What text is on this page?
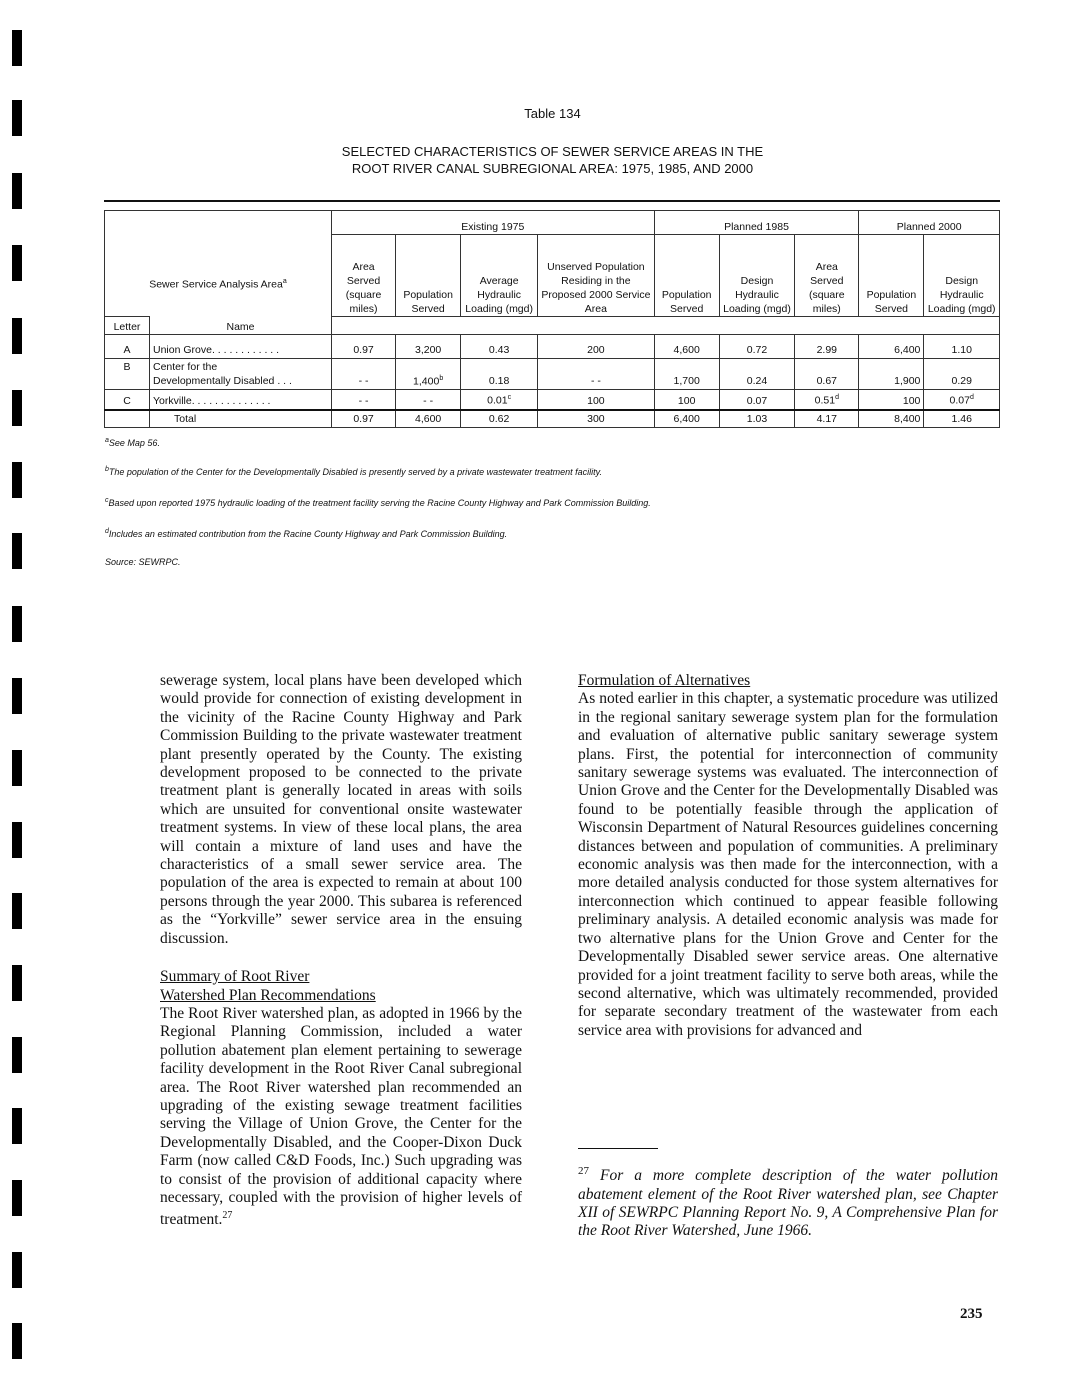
Table 134
SELECTED CHARACTERISTICS OF SEWER SERVICE AREAS IN THE
ROOT RIVER CANAL SUBREGIONAL AREA: 1975, 1985, AND 2000
Sewer Service Analysis Area$^a$		Existing 1975				Planned 1985			Planned 2000	
		Area Served (square miles)	Population Served	Average Hydraulic Loading (mgd)	Unserved Population Residing in the Proposed 2000 Service Area	Population Served	Design Hydraulic Loading (mgd)	Area Served (square miles)	Population Served	Design Hydraulic Loading (mgd)
Letter	Name									
A	Union Grove. . . . . . . . . . . .	0.97	3,200	0.43	200	4,600	0.72	2.99	6,400	1.10
B	Center for the
Developmentally Disabled . . .	- -	1,400$^b$	0.18	- -	1,700	0.24	0.67	1,900	0.29
C	Yorkville. . . . . . . . . . . . . .	- -	- -	0.01$^c$	100	100	0.07	0.51$^d$	100	0.07$^d$
	Total	0.97	4,600	0.62	300	6,400	1.03	4.17	8,400	1.46
$^a$See Map 56.
$^b$The population of the Center for the Developmentally Disabled is presently served by a private wastewater treatment facility.
$^c$Based upon reported 1975 hydraulic loading of the treatment facility serving the Racine County Highway and Park Commission Building.
$^d$Includes an estimated contribution from the Racine County Highway and Park Commission Building.
Source: SEWRPC.

sewerage system, local plans have been developed which would provide for connection of existing development in the vicinity of the Racine County Highway and Park Commission Building to the private wastewater treatment plant presently operated by the County. The existing development proposed to be connected to the private treatment plant is generally located in areas with soils which are unsuited for conventional onsite wastewater treatment systems. In view of these local plans, the area will contain a mixture of land uses and have the characteristics of a small sewer service area. The population of the area is expected to remain at about 100 persons through the year 2000. This subarea is referenced as the “Yorkville” sewer service area in the ensuing discussion.

Summary of Root River
Watershed Plan Recommendations

The Root River watershed plan, as adopted in 1966 by the Regional Planning Commission, included a water pollution abatement plan element pertaining to sewerage facility development in the Root River Canal subregional area. The Root River watershed plan recommended an upgrading of the existing sewage treatment facilities serving the Village of Union Grove, the Center for the Developmentally Disabled, and the Cooper-Dixon Duck Farm (now called C&D Foods, Inc.) Such upgrading was to consist of the provision of additional capacity where necessary, coupled with the provision of higher levels of treatment.$^{27}$

Formulation of Alternatives

As noted earlier in this chapter, a systematic procedure was utilized in the regional sanitary sewerage system plan for the formulation and evaluation of alternative public sanitary sewerage system plans. First, the potential for interconnection of community sanitary sewerage systems was evaluated. The interconnection of Union Grove and the Center for the Developmentally Disabled was found to be potentially feasible through the application of Wisconsin Department of Natural Resources guidelines concerning distances between and population of communities. A preliminary economic analysis was then made for the interconnection, with a more detailed analysis conducted for those system alternatives for interconnection which continued to appear feasible following preliminary analysis. A detailed economic analysis was made for two alternative plans for the Union Grove and Center for the Developmentally Disabled sewer service areas. One alternative provided for a joint treatment facility to serve both areas, while the second alternative, which was ultimately recommended, provided for separate secondary treatment of the wastewater from each service area with provisions for advanced and

$^{27}$ For a more complete description of the water pollution abatement element of the Root River watershed plan, see Chapter XII of SEWRPC Planning Report No. 9, A Comprehensive Plan for the Root River Watershed, June 1966.
235
